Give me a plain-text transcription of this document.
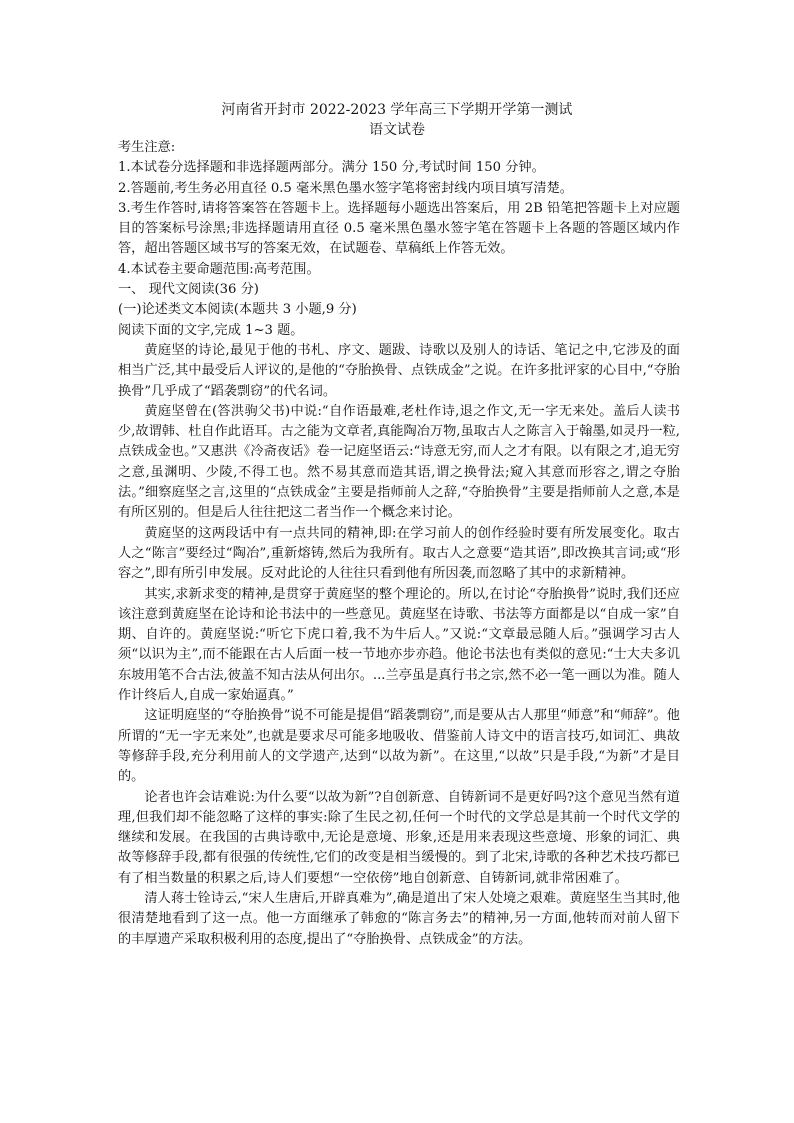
河南省开封市 2022-2023 学年高三下学期开学第一测试
语文试卷

考生注意:

1.本试卷分选择题和非选择题两部分。满分 150 分,考试时间 150 分钟。

2.答题前,考生务必用直径 0.5 毫米黑色墨水签字笔将密封线内项目填写清楚。

3.考生作答时,请将答案答在答题卡上。选择题每小题选出答案后，用 2B 铅笔把答题卡上对应题目的答案标号涂黑;非选择题请用直径 0.5 毫米黑色墨水签字笔在答题卡上各题的答题区域内作答，超出答题区域书写的答案无效，在试题卷、草稿纸上作答无效。

4.本试卷主要命题范围:高考范围。

一、 现代文阅读(36 分)

(一)论述类文本阅读(本题共 3 小题,9 分)

阅读下面的文字,完成 1~3 题。

黄庭坚的诗论,最见于他的书札、序文、题跋、诗歌以及别人的诗话、笔记之中,它涉及的面相当广泛,其中最受后人评议的,是他的“夺胎换骨、点铁成金”之说。在许多批评家的心目中,“夺胎换骨”几乎成了“蹈袭剽窃”的代名词。

黄庭坚曾在(答洪驹父书)中说:“自作语最难,老杜作诗,退之作文,无一字无来处。盖后人读书少,故谓韩、杜自作此语耳。古之能为文章者,真能陶冶万物,虽取古人之陈言入于翰墨,如灵丹一粒,点铁成金也。”又惠洪《冷斋夜话》卷一记庭坚语云:“诗意无穷,而人之才有限。以有限之才,追无穷之意,虽渊明、少陵,不得工也。然不易其意而造其语,谓之换骨法;窥入其意而形容之,谓之夺胎法。”细察庭坚之言,这里的“点铁成金”主要是指师前人之辞,“夺胎换骨”主要是指师前人之意,本是有所区别的。但是后人往往把这二者当作一个概念来讨论。

黄庭坚的这两段话中有一点共同的精神,即:在学习前人的创作经验时要有所发展变化。取古人之“陈言”要经过“陶冶”,重新熔铸,然后为我所有。取古人之意要“造其语”,即改换其言词;或“形容之”,即有所引申发展。反对此论的人往往只看到他有所因袭,而忽略了其中的求新精神。

其实,求新求变的精神,是贯穿于黄庭坚的整个理论的。所以,在讨论“夺胎换骨”说时,我们还应该注意到黄庭坚在论诗和论书法中的一些意见。黄庭坚在诗歌、书法等方面都是以“自成一家”自期、自许的。黄庭坚说:“听它下虎口着,我不为牛后人。”又说:“文章最忌随人后。”强调学习古人须“以识为主”,而不能跟在古人后面一枝一节地亦步亦趋。他论书法也有类似的意见:“士大夫多讥东坡用笔不合古法,彼盖不知古法从何出尔。...兰亭虽是真行书之宗,然不必一笔一画以为准。随人作计终后人,自成一家始逼真。”

这证明庭坚的“夺胎换骨”说不可能是提倡“蹈袭剽窃”,而是要从古人那里“师意”和“师辞”。他所谓的“无一字无来处”,也就是要求尽可能多地吸收、借鉴前人诗文中的语言技巧,如词汇、典故等修辞手段,充分利用前人的文学遗产,达到“以故为新”。在这里,“以故”只是手段,“为新”才是目的。

论者也许会诘难说:为什么要“以故为新”?自创新意、自铸新词不是更好吗?这个意见当然有道理,但我们却不能忽略了这样的事实:除了生民之初,任何一个时代的文学总是其前一个时代文学的继续和发展。在我国的古典诗歌中,无论是意境、形象,还是用来表现这些意境、形象的词汇、典故等修辞手段,都有很强的传统性,它们的改变是相当缓慢的。到了北宋,诗歌的各种艺术技巧都已有了相当数量的积累之后,诗人们要想“一空依傍”地自创新意、自铸新词,就非常困难了。

清人蒋士铨诗云,“宋人生唐后,开辟真难为”,确是道出了宋人处境之艰难。黄庭坚生当其时,他很清楚地看到了这一点。他一方面继承了韩愈的“陈言务去”的精神,另一方面,他转而对前人留下的丰厚遗产采取积极利用的态度,提出了“夺胎换骨、点铁成金”的方法。
